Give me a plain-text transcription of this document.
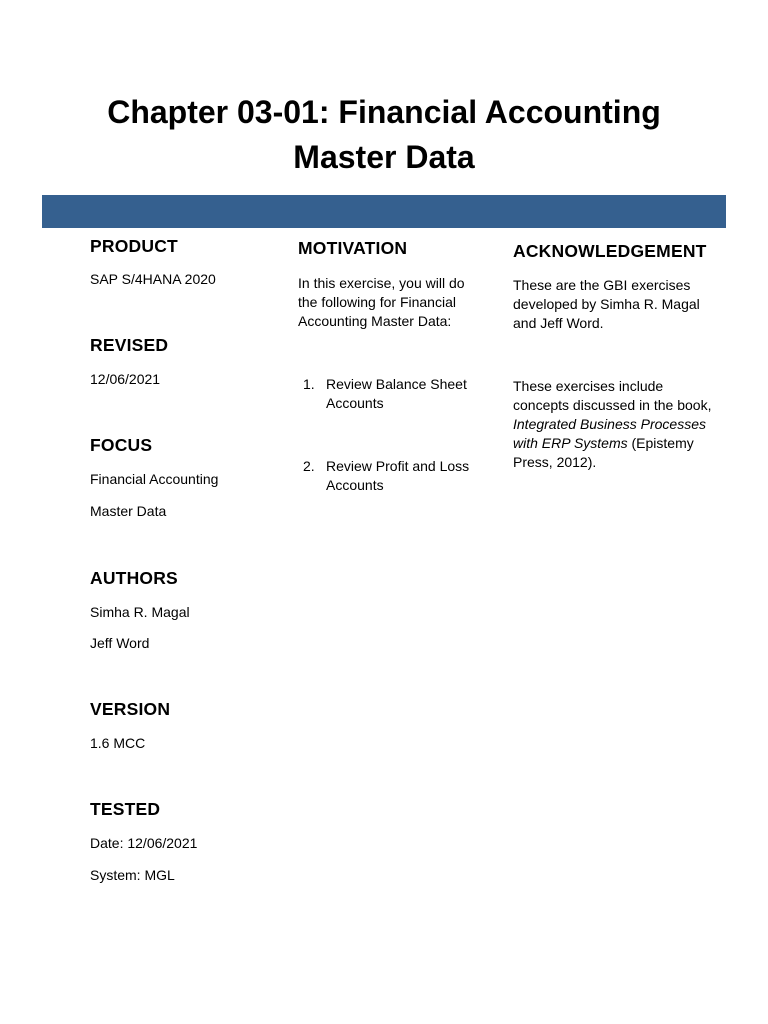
Chapter 03-01: Financial Accounting
Master Data

PRODUCT

SAP S/4HANA 2020

REVISED

12/06/2021

FOCUS

Financial Accounting

Master Data

AUTHORS

Simha R. Magal

Jeff Word

VERSION

1.6 MCC

TESTED

Date: 12/06/2021

System: MGL

MOTIVATION

In this exercise, you will do

the following for Financial

Accounting Master Data:

1. Review Balance Sheet
Accounts
2. Review Profit and Loss
Accounts

ACKNOWLEDGEMENT

These are the GBI exercises

developed by Simha R. Magal

and Jeff Word.

These exercises include

concepts discussed in the book,

Integrated Business Processes

with ERP Systems (Epistemy

Press, 2012).
